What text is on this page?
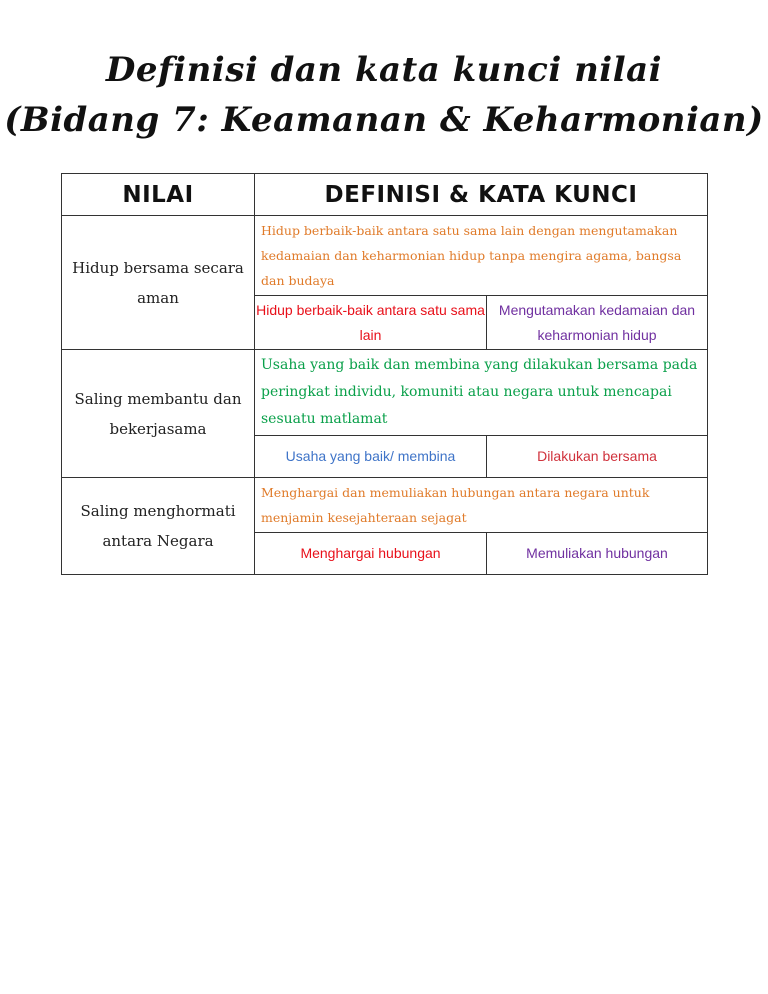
Definisi dan kata kunci nilai
(Bidang 7: Keamanan & Keharmonian)
NILAI	DEFINISI & KATA KUNCI	
Hidup bersama secara aman	Hidup berbaik-baik antara satu sama lain dengan mengutamakan kedamaian dan keharmonian hidup tanpa mengira agama, bangsa dan budaya	
	Hidup berbaik-baik antara satu sama lain	Mengutamakan kedamaian dan keharmonian hidup
Saling membantu dan bekerjasama	Usaha yang baik dan membina yang dilakukan bersama pada peringkat individu, komuniti atau negara untuk mencapai sesuatu matlamat	
	Usaha yang baik/ membina	Dilakukan bersama
Saling menghormati antara Negara	Menghargai dan memuliakan hubungan antara negara untuk menjamin kesejahteraan sejagat	
	Menghargai hubungan	Memuliakan hubungan
